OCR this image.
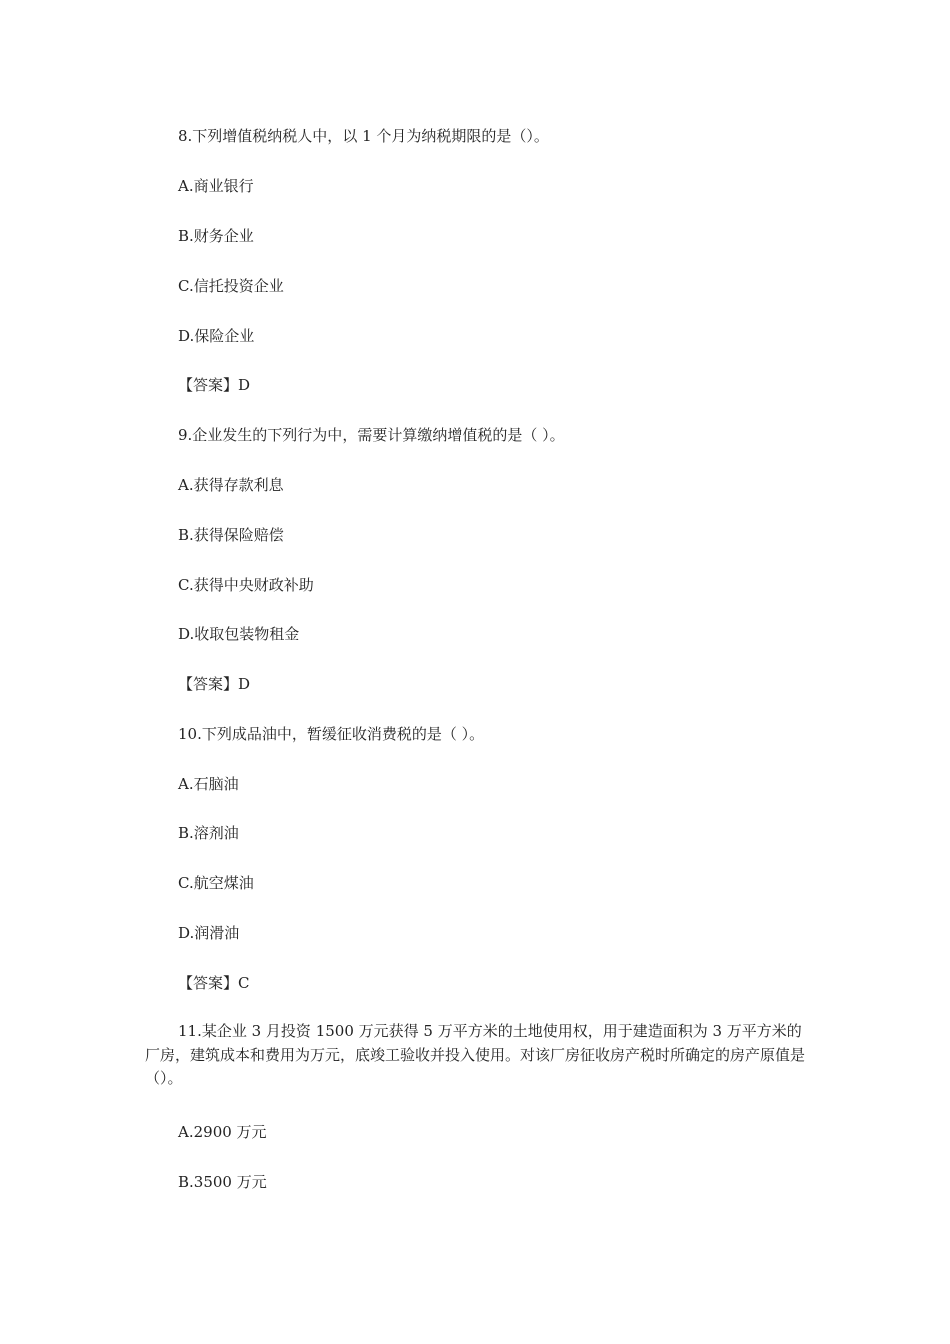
8.下列增值税纳税人中，以 1 个月为纳税期限的是（）。
A.商业银行
B.财务企业
C.信托投资企业
D.保险企业
【答案】D
9.企业发生的下列行为中，需要计算缴纳增值税的是（ ）。
A.获得存款利息
B.获得保险赔偿
C.获得中央财政补助
D.收取包装物租金
【答案】D
10.下列成品油中，暂缓征收消费税的是（ ）。
A.石脑油
B.溶剂油
C.航空煤油
D.润滑油
【答案】C
11.某企业 3 月投资 1500 万元获得 5 万平方米的土地使用权，用于建造面积为 3 万平方米的厂房，建筑成本和费用为万元，底竣工验收并投入使用。对该厂房征收房产税时所确定的房产原值是（）。
A.2900 万元
B.3500 万元
